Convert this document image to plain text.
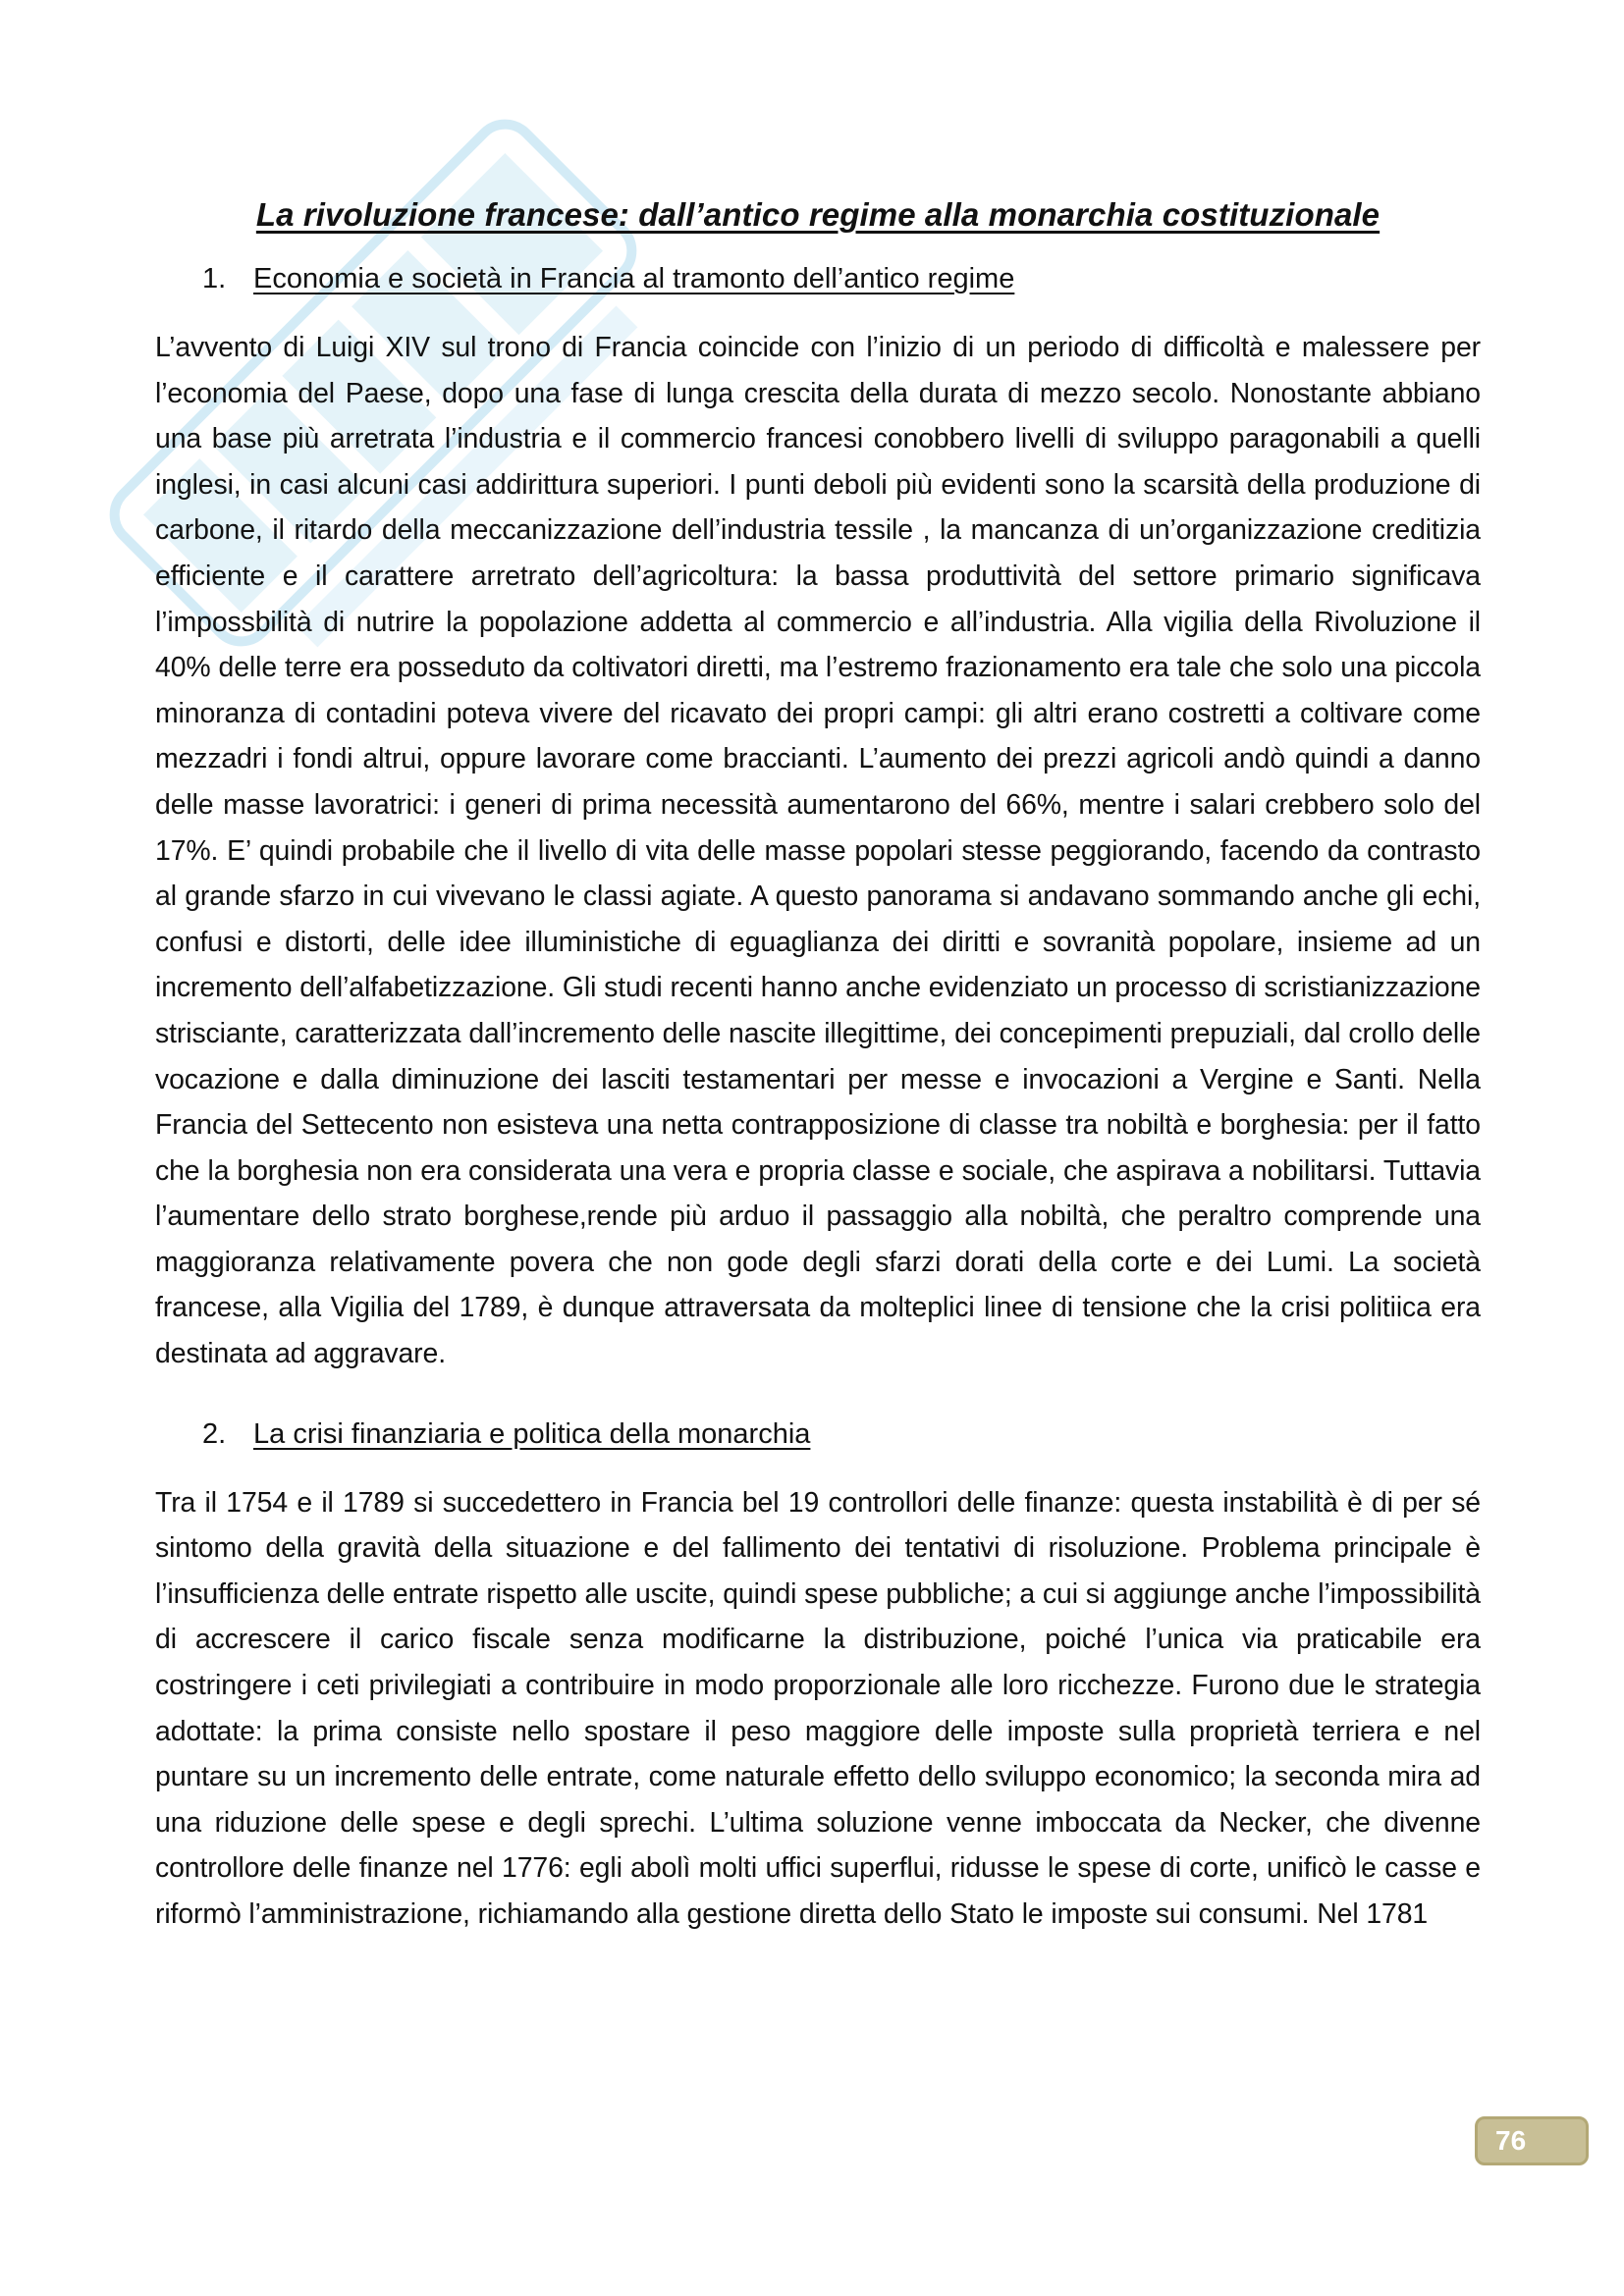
La rivoluzione francese: dall’antico regime alla monarchia costituzionale
1. Economia e società in Francia al tramonto dell’antico regime

L’avvento di Luigi XIV sul trono di Francia coincide con l’inizio di un periodo di difficoltà e malessere per l’economia del Paese, dopo una fase di lunga crescita della durata di mezzo secolo. Nonostante abbiano una base più arretrata l’industria e il commercio francesi conobbero livelli di sviluppo paragonabili a quelli inglesi, in casi alcuni casi addirittura superiori. I punti deboli più evidenti sono la scarsità della produzione di carbone, il ritardo della meccanizzazione dell’industria tessile , la mancanza di un’organizzazione creditizia efficiente e il carattere arretrato dell’agricoltura: la bassa produttività del settore primario significava l’impossbilità di nutrire la popolazione addetta al commercio e all’industria. Alla vigilia della Rivoluzione il 40% delle terre era posseduto da coltivatori diretti, ma l’estremo frazionamento era tale che solo una piccola minoranza di contadini poteva vivere del ricavato dei propri campi: gli altri erano costretti a coltivare come mezzadri i fondi altrui, oppure lavorare come braccianti. L’aumento dei prezzi agricoli andò quindi a danno delle masse lavoratrici: i generi di prima necessità aumentarono del 66%, mentre i salari crebbero solo del 17%. E’ quindi probabile che il livello di vita delle masse popolari stesse peggiorando, facendo da contrasto al grande sfarzo in cui vivevano le classi agiate. A questo panorama si andavano sommando anche gli echi, confusi e distorti, delle idee illuministiche di eguaglianza dei diritti e sovranità popolare, insieme ad un incremento dell’alfabetizzazione. Gli studi recenti hanno anche evidenziato un processo di scristianizzazione strisciante, caratterizzata dall’incremento delle nascite illegittime, dei concepimenti prepuziali, dal crollo delle vocazione e dalla diminuzione dei lasciti testamentari per messe e invocazioni a Vergine e Santi. Nella Francia del Settecento non esisteva una netta contrapposizione di classe tra nobiltà e borghesia: per il fatto che la borghesia non era considerata una vera e propria classe e sociale, che aspirava a nobilitarsi. Tuttavia l’aumentare dello strato borghese,rende più arduo il passaggio alla nobiltà, che peraltro comprende una maggioranza relativamente povera che non gode degli sfarzi dorati della corte e dei Lumi. La società francese, alla Vigilia del 1789, è dunque attraversata da molteplici linee di tensione che la crisi politiica era destinata ad aggravare.

2. La crisi finanziaria e politica della monarchia

Tra il 1754 e il 1789 si succedettero in Francia bel 19 controllori delle finanze: questa instabilità è di per sé sintomo della gravità della situazione e del fallimento dei tentativi di risoluzione. Problema principale è l’insufficienza delle entrate rispetto alle uscite, quindi spese pubbliche; a cui si aggiunge anche l’impossibilità di accrescere il carico fiscale senza modificarne la distribuzione, poiché l’unica via praticabile era costringere i ceti privilegiati a contribuire in modo proporzionale alle loro ricchezze. Furono due le strategia adottate: la prima consiste nello spostare il peso maggiore delle imposte sulla proprietà terriera e nel puntare su un incremento delle entrate, come naturale effetto dello sviluppo economico; la seconda mira ad una riduzione delle spese e degli sprechi. L’ultima soluzione venne imboccata da Necker, che divenne controllore delle finanze nel 1776: egli abolì molti uffici superflui, ridusse le spese di corte, unificò le casse e riformò l’amministrazione, richiamando alla gestione diretta dello Stato le imposte sui consumi. Nel 1781

76
